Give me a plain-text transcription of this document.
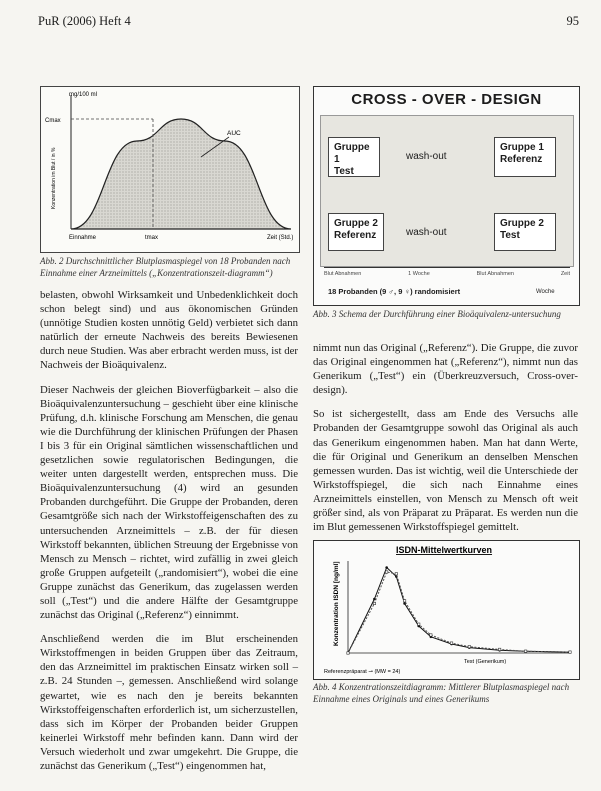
PuR (2006) Heft 4	95
mg/100 ml
Cmax
AUC
Konzentration im Blut / in %
Einnahme	tmax	Zeit (Std.)
Abb. 2 Durchschnittlicher Blutplasmaspiegel von 18 Probanden nach Einnahme einer Arzneimittels („Konzentrationszeit-diagramm“)
CROSS - OVER - DESIGN
Gruppe 1
Test
wash-out
Gruppe 1
Referenz
Gruppe 2
Referenz	wash-out
Gruppe 2
Test
Blut Abnahmen	1 Woche	Blut Abnahmen	Zeit
18 Probanden (9 ♂, 9 ♀) randomisiert	Woche
Abb. 3 Schema der Durchführung einer Bioäquivalenz-untersuchung

belasten, obwohl Wirksamkeit und Unbedenklichkeit doch schon belegt sind) und aus ökonomischen Gründen (unnötige Studien kosten unnötig Geld) verbietet sich dann natürlich der erneute Nachweis des bereits Bewiesenen durch neue Studien. Was aber erbracht werden muss, ist der Nachweis der Bioäquivalenz.

Dieser Nachweis der gleichen Bioverfügbarkeit – also die Bioäquivalenzuntersuchung – geschieht über eine klinische Prüfung, d.h. klinische Forschung am Menschen, die genau wie die Durchführung der klinischen Prüfungen der Phasen I bis 3 für ein Original sämtlichen wissenschaftlichen und gesetzlichen sowie regulatorischen Bedingungen, die weiter unten dargestellt werden, entsprechen muss. Die Bioäquivalenzuntersuchung (4) wird an gesunden Probanden durchgeführt. Die Gruppe der Probanden, deren Gesamtgröße sich nach der Wirkstoffeigenschaften des zu untersuchenden Arzneimittels – z.B. der für diesen Wirkstoff bekannten, üblichen Streuung der Ergebnisse von Mensch zu Mensch – richtet, wird zufällig in zwei gleich große Gruppen aufgeteilt („randomisiert“), wobei die eine Gruppe zunächst das Generikum, das zugelassen werden soll („Test“) und die andere Hälfte der Gesamtgruppe zunächst das Original („Referenz“) einnimmt.

Anschließend werden die im Blut erscheinenden Wirkstoffmengen in beiden Gruppen über das Zeitraum, den das Arzneimittel im praktischen Einsatz wirken soll – z.B. 24 Stunden –, gemessen. Anschließend wird solange gewartet, wie es nach den je bereits bekannten Wirkstoffeigenschaften erforderlich ist, um sicherzustellen, dass sich im Körper der Probanden beider Gruppen keinerlei Wirkstoff mehr befinden kann. Dann wird der Versuch wiederholt und zwar umgekehrt. Die Gruppe, die zunächst das Generikum („Test“) eingenommen hat,

nimmt nun das Original („Referenz“). Die Gruppe, die zuvor das Original eingenommen hat („Referenz“), nimmt nun das Generikum („Test“) ein (Überkreuzversuch, Cross-over-design).

So ist sichergestellt, dass am Ende des Versuchs alle Probanden der Gesamtgruppe sowohl das Original als auch das Generikum eingenommen haben. Man hat dann Werte, die für Original und Generikum an denselben Menschen gemessen wurden. Das ist wichtig, weil die Unterschiede der Wirkstoffspiegel, die sich nach Einnahme eines Arzneimittels einstellen, von Mensch zu Mensch oft weit größer sind, als von Präparat zu Präparat. Es werden nun die im Blut gemessenen Wirkstoffspiegel gemittelt.

ISDN-Mittelwertkurven
Konzentration ISDN [ng/ml]
Test (Generikum)
Referenzpräparat ⊸ (MW = 24)
Abb. 4 Konzentrationszeitdiagramm: Mittlerer Blutplasmaspiegel nach Einnahme eines Originals und eines Generikums
